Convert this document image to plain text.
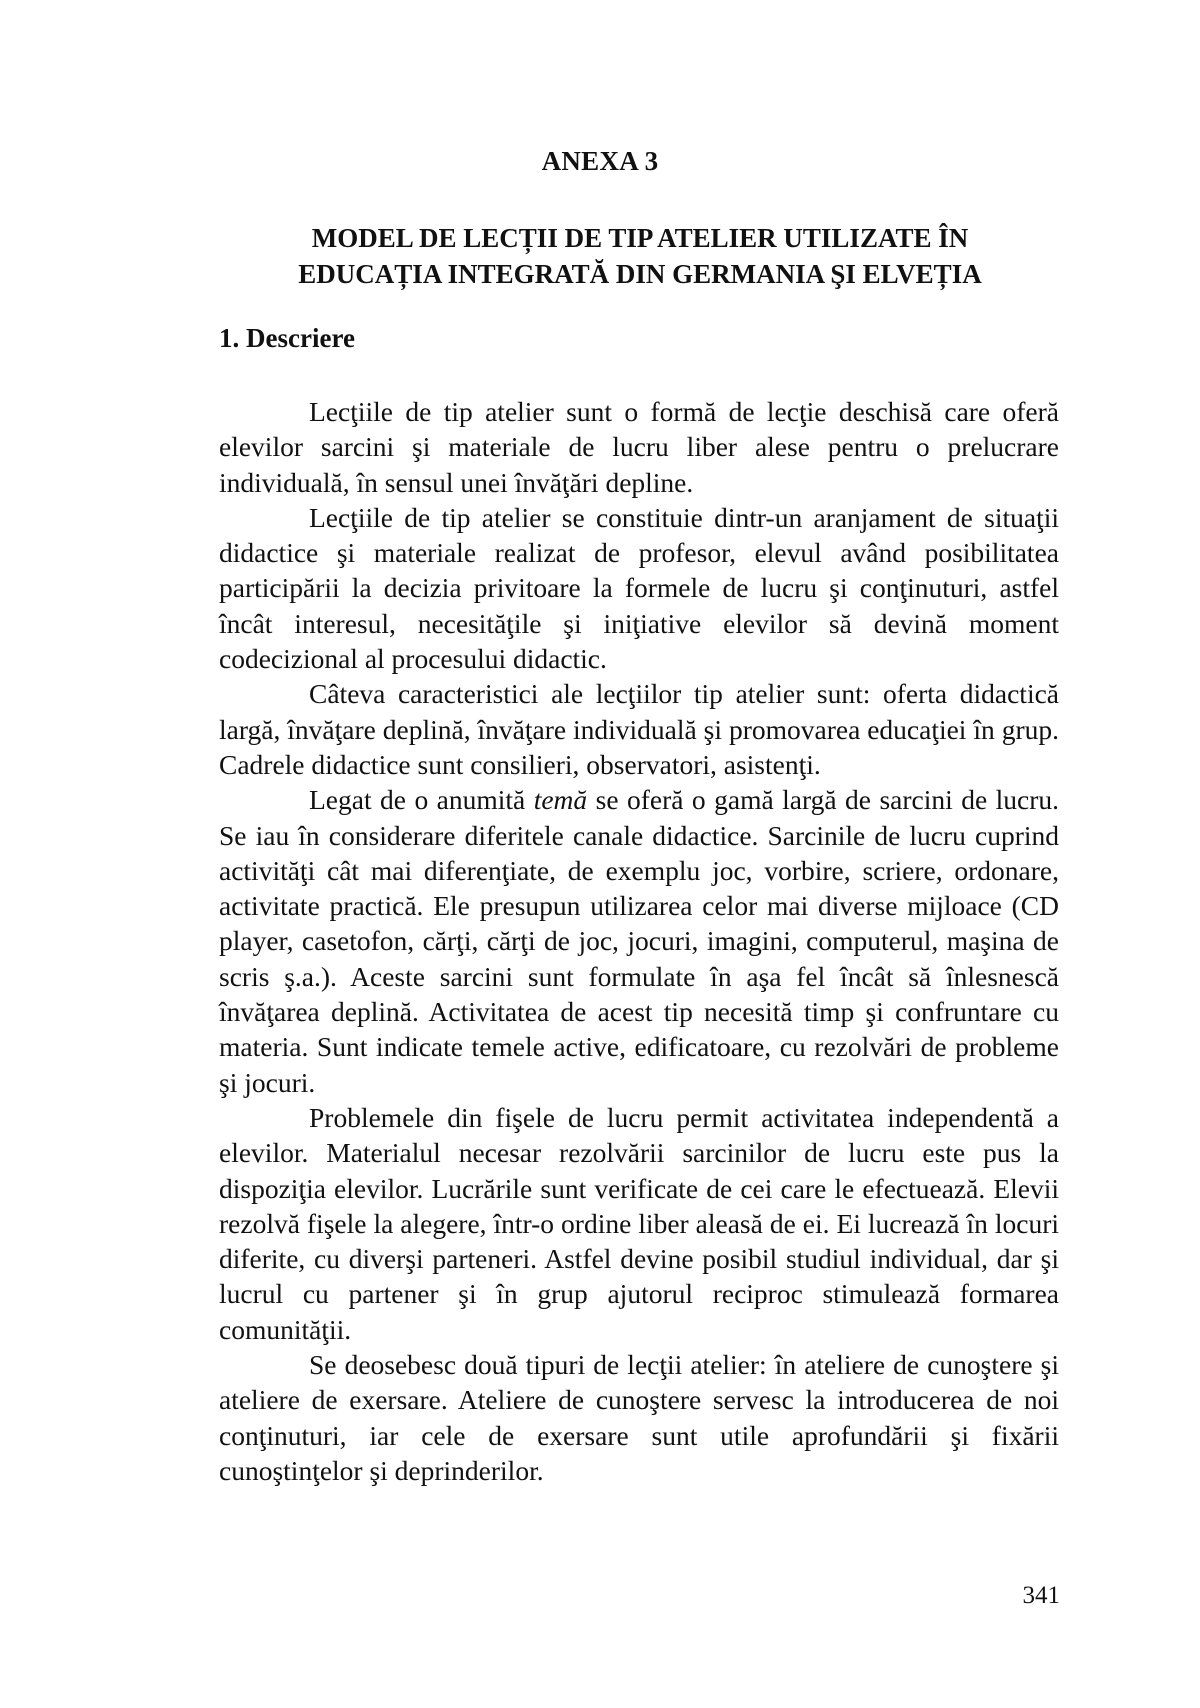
ANEXA 3
MODEL DE LECȚII DE TIP ATELIER UTILIZATE ÎN
EDUCAȚIA INTEGRATĂ DIN GERMANIA ŞI ELVEȚIA
1. Descriere

Lecţiile de tip atelier sunt o formă de lecţie deschisă care oferă elevilor sarcini şi materiale de lucru liber alese pentru o prelucrare individuală, în sensul unei învăţări depline.

Lecţiile de tip atelier se constituie dintr-un aranjament de situaţii didactice şi materiale realizat de profesor, elevul având posibilitatea participării la decizia privitoare la formele de lucru şi conţinuturi, astfel încât interesul, necesităţile şi iniţiative elevilor să devină moment codecizional al procesului didactic.

Câteva caracteristici ale lecţiilor tip atelier sunt: oferta didactică largă, învăţare deplină, învăţare individuală şi promovarea educaţiei în grup. Cadrele didactice sunt consilieri, observatori, asistenţi.

Legat de o anumită temă se oferă o gamă largă de sarcini de lucru. Se iau în considerare diferitele canale didactice. Sarcinile de lucru cuprind activităţi cât mai diferenţiate, de exemplu joc, vorbire, scriere, ordonare, activitate practică. Ele presupun utilizarea celor mai diverse mijloace (CD player, casetofon, cărţi, cărţi de joc, jocuri, imagini, computerul, maşina de scris ş.a.). Aceste sarcini sunt formulate în aşa fel încât să înlesnescă învăţarea deplină. Activitatea de acest tip necesită timp şi confruntare cu materia. Sunt indicate temele active, edificatoare, cu rezolvări de probleme şi jocuri.

Problemele din fişele de lucru permit activitatea independentă a elevilor. Materialul necesar rezolvării sarcinilor de lucru este pus la dispoziţia elevilor. Lucrările sunt verificate de cei care le efectuează. Elevii rezolvă fişele la alegere, într-o ordine liber aleasă de ei. Ei lucrează în locuri diferite, cu diverşi parteneri. Astfel devine posibil studiul individual, dar şi lucrul cu partener şi în grup ajutorul reciproc stimulează formarea comunităţii.

Se deosebesc două tipuri de lecţii atelier: în ateliere de cunoştere şi ateliere de exersare. Ateliere de cunoştere servesc la introducerea de noi conţinuturi, iar cele de exersare sunt utile aprofundării şi fixării cunoştinţelor şi deprinderilor.

341
